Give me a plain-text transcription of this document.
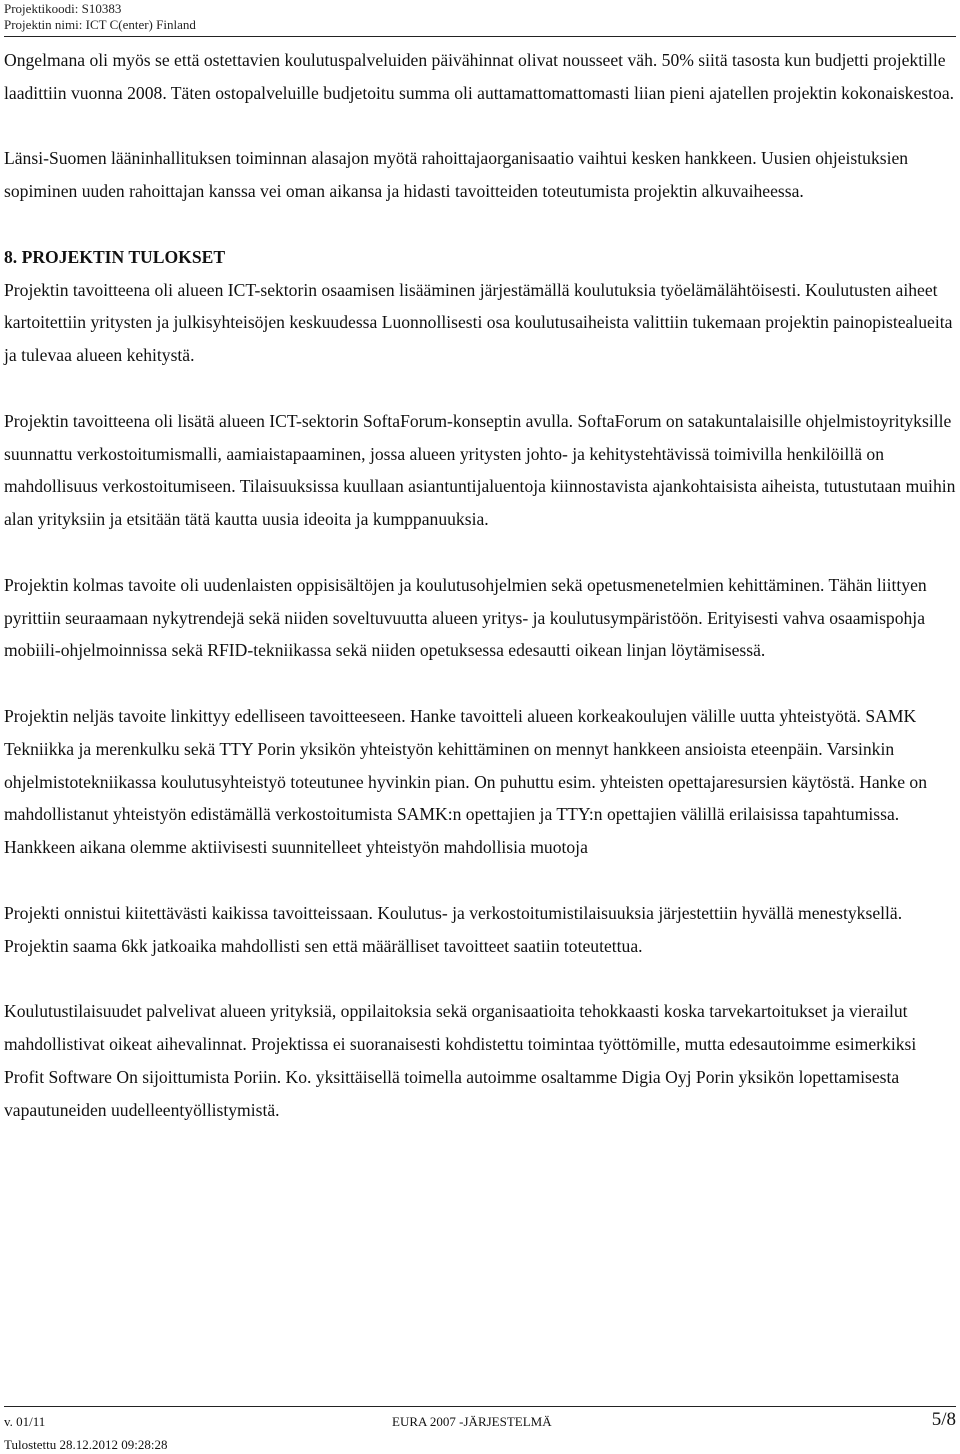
Projektikoodi: S10383
Projektin nimi: ICT C(enter) Finland

Ongelmana oli myös se että ostettavien koulutuspalveluiden päivähinnat olivat nousseet väh. 50% siitä tasosta kun budjetti projektille laadittiin vuonna 2008. Täten ostopalveluille budjetoitu summa oli auttamattomattomasti liian pieni ajatellen projektin kokonaiskestoa.

Länsi-Suomen lääninhallituksen toiminnan alasajon myötä rahoittajaorganisaatio vaihtui kesken hankkeen. Uusien ohjeistuksien sopiminen uuden rahoittajan kanssa vei oman aikansa ja hidasti tavoitteiden toteutumista projektin alkuvaiheessa.

8. PROJEKTIN TULOKSET

Projektin tavoitteena oli alueen ICT-sektorin osaamisen lisääminen järjestämällä koulutuksia työelämälähtöisesti. Koulutusten aiheet kartoitettiin yritysten ja julkisyhteisöjen keskuudessa Luonnollisesti osa koulutusaiheista valittiin tukemaan projektin painopistealueita ja tulevaa alueen kehitystä.

Projektin tavoitteena oli lisätä alueen ICT-sektorin SoftaForum-konseptin avulla. SoftaForum on satakuntalaisille ohjelmistoyrityksille suunnattu verkostoitumismalli, aamiaistapaaminen, jossa alueen yritysten johto- ja kehitystehtävissä toimivilla henkilöillä on mahdollisuus verkostoitumiseen. Tilaisuuksissa kuullaan asiantuntijaluentoja kiinnostavista ajankohtaisista aiheista, tutustutaan muihin alan yrityksiin ja etsitään tätä kautta uusia ideoita ja kumppanuuksia.

Projektin kolmas tavoite oli uudenlaisten oppisisältöjen ja koulutusohjelmien sekä opetusmenetelmien kehittäminen. Tähän liittyen pyrittiin seuraamaan nykytrendejä sekä niiden soveltuvuutta alueen yritys- ja koulutusympäristöön. Erityisesti vahva osaamispohja mobiili-ohjelmoinnissa sekä RFID-tekniikassa sekä niiden opetuksessa edesautti oikean linjan löytämisessä.

Projektin neljäs tavoite linkittyy edelliseen tavoitteeseen. Hanke tavoitteli alueen korkeakoulujen välille uutta yhteistyötä. SAMK Tekniikka ja merenkulku sekä TTY Porin yksikön yhteistyön kehittäminen on mennyt hankkeen ansioista eteenpäin. Varsinkin ohjelmistotekniikassa koulutusyhteistyö toteutunee hyvinkin pian. On puhuttu esim. yhteisten opettajaresursien käytöstä. Hanke on mahdollistanut yhteistyön edistämällä verkostoitumista SAMK:n opettajien ja TTY:n opettajien välillä erilaisissa tapahtumissa. Hankkeen aikana olemme aktiivisesti suunnitelleet yhteistyön mahdollisia muotoja

Projekti onnistui kiitettävästi kaikissa tavoitteissaan. Koulutus- ja verkostoitumistilaisuuksia järjestettiin hyvällä menestyksellä. Projektin saama 6kk jatkoaika mahdollisti sen että määrälliset tavoitteet saatiin toteutettua.

Koulutustilaisuudet palvelivat alueen yrityksiä, oppilaitoksia sekä organisaatioita tehokkaasti koska tarvekartoitukset ja vierailut mahdollistivat oikeat aihevalinnat. Projektissa ei suoranaisesti kohdistettu toimintaa työttömille, mutta edesautoimme esimerkiksi Profit Software On sijoittumista Poriin. Ko. yksittäisellä toimella autoimme osaltamme Digia Oyj Porin yksikön lopettamisesta vapautuneiden uudelleentyöllistymistä.

v. 01/11	EURA 2007 -JÄRJESTELMÄ	5/8
Tulostettu 28.12.2012 09:28:28
